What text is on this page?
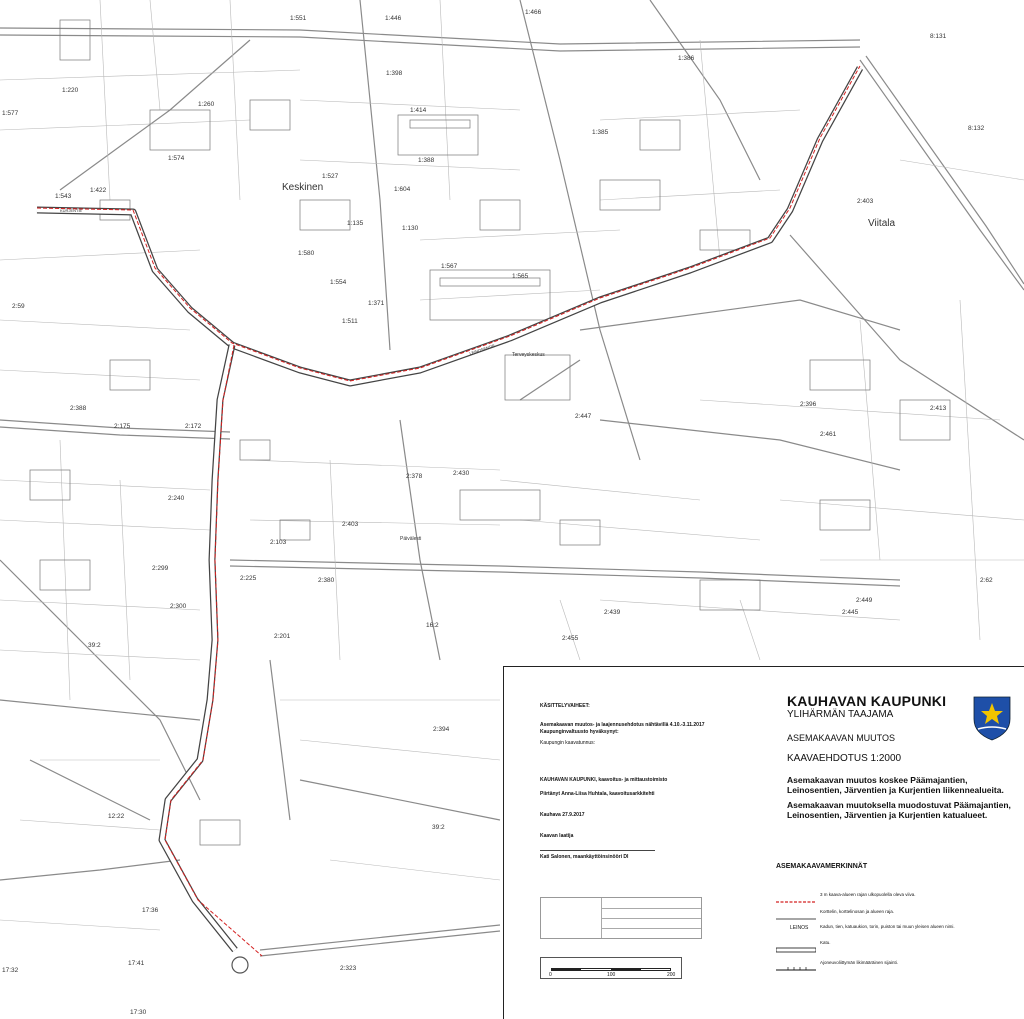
Keskinen
Viitala
LEINOSENTIE
KURJENTIE
Päivälesti
Terveyskeskus
1:551	1:446
1:466
1:398
1:414
1:388
1:385
1:386
8:131
8:132
1:527
1:604
1:135
1:130
1:567
1:565
1:580
1:554
1:371
1:511
2:403
2:59
1:577
1:220
1:422
1:260
1:574
1:543
2:388
2:175	2:172
2:240
2:299
2:300
2:380
2:378	2:430
2:403
2:447
2:396
2:413
2:461
2:455
2:439	2:445
2:449
2:62
2:394
39:2
17:36
17:41
17:32
17:30
2:323
16:2
2:201
2:225
2:103
12:22
39:2
KÄSITTELYVAIHEET:
Asemakaavan muutos- ja laajennusehdotus nähtävillä 4.10.-3.11.2017
Kaupunginvaltuusto hyväksynyt:
Kaupungin kaavatunnus:
KAUHAVAN KAUPUNKI, kaavoitus- ja mittaustoimisto
Piirtänyt Anna-Liisa Huhtala, kaavoitusarkkitehti
Kauhava 27.9.2017
Kaavan laatija
Kati Salonen, maankäyttöinsinööri DI
0	100	200
KAUHAVAN KAUPUNKI
YLIHÄRMÄN TAAJAMA
ASEMAKAAVAN MUUTOS
KAAVAEHDOTUS 1:2000
Asemakaavan muutos koskee Päämajantien, Leinosentien, Järventien ja Kurjentien liikennealueita.
Asemakaavan muutoksella muodostuvat Päämajantien, Leinosentien, Järventien ja Kurjentien katualueet.
ASEMAKAAVAMERKINNÄT
3 m kaava-alueen rajan ulkopuolella oleva viiva.
Korttelin, korttelinosan ja alueen raja.
LEINOS	Kadun, tien, katuaukion, torin, puiston tai muun yleisen alueen nimi.
Katu.
Ajoneuvoliittymän likimääräinen sijainti.
